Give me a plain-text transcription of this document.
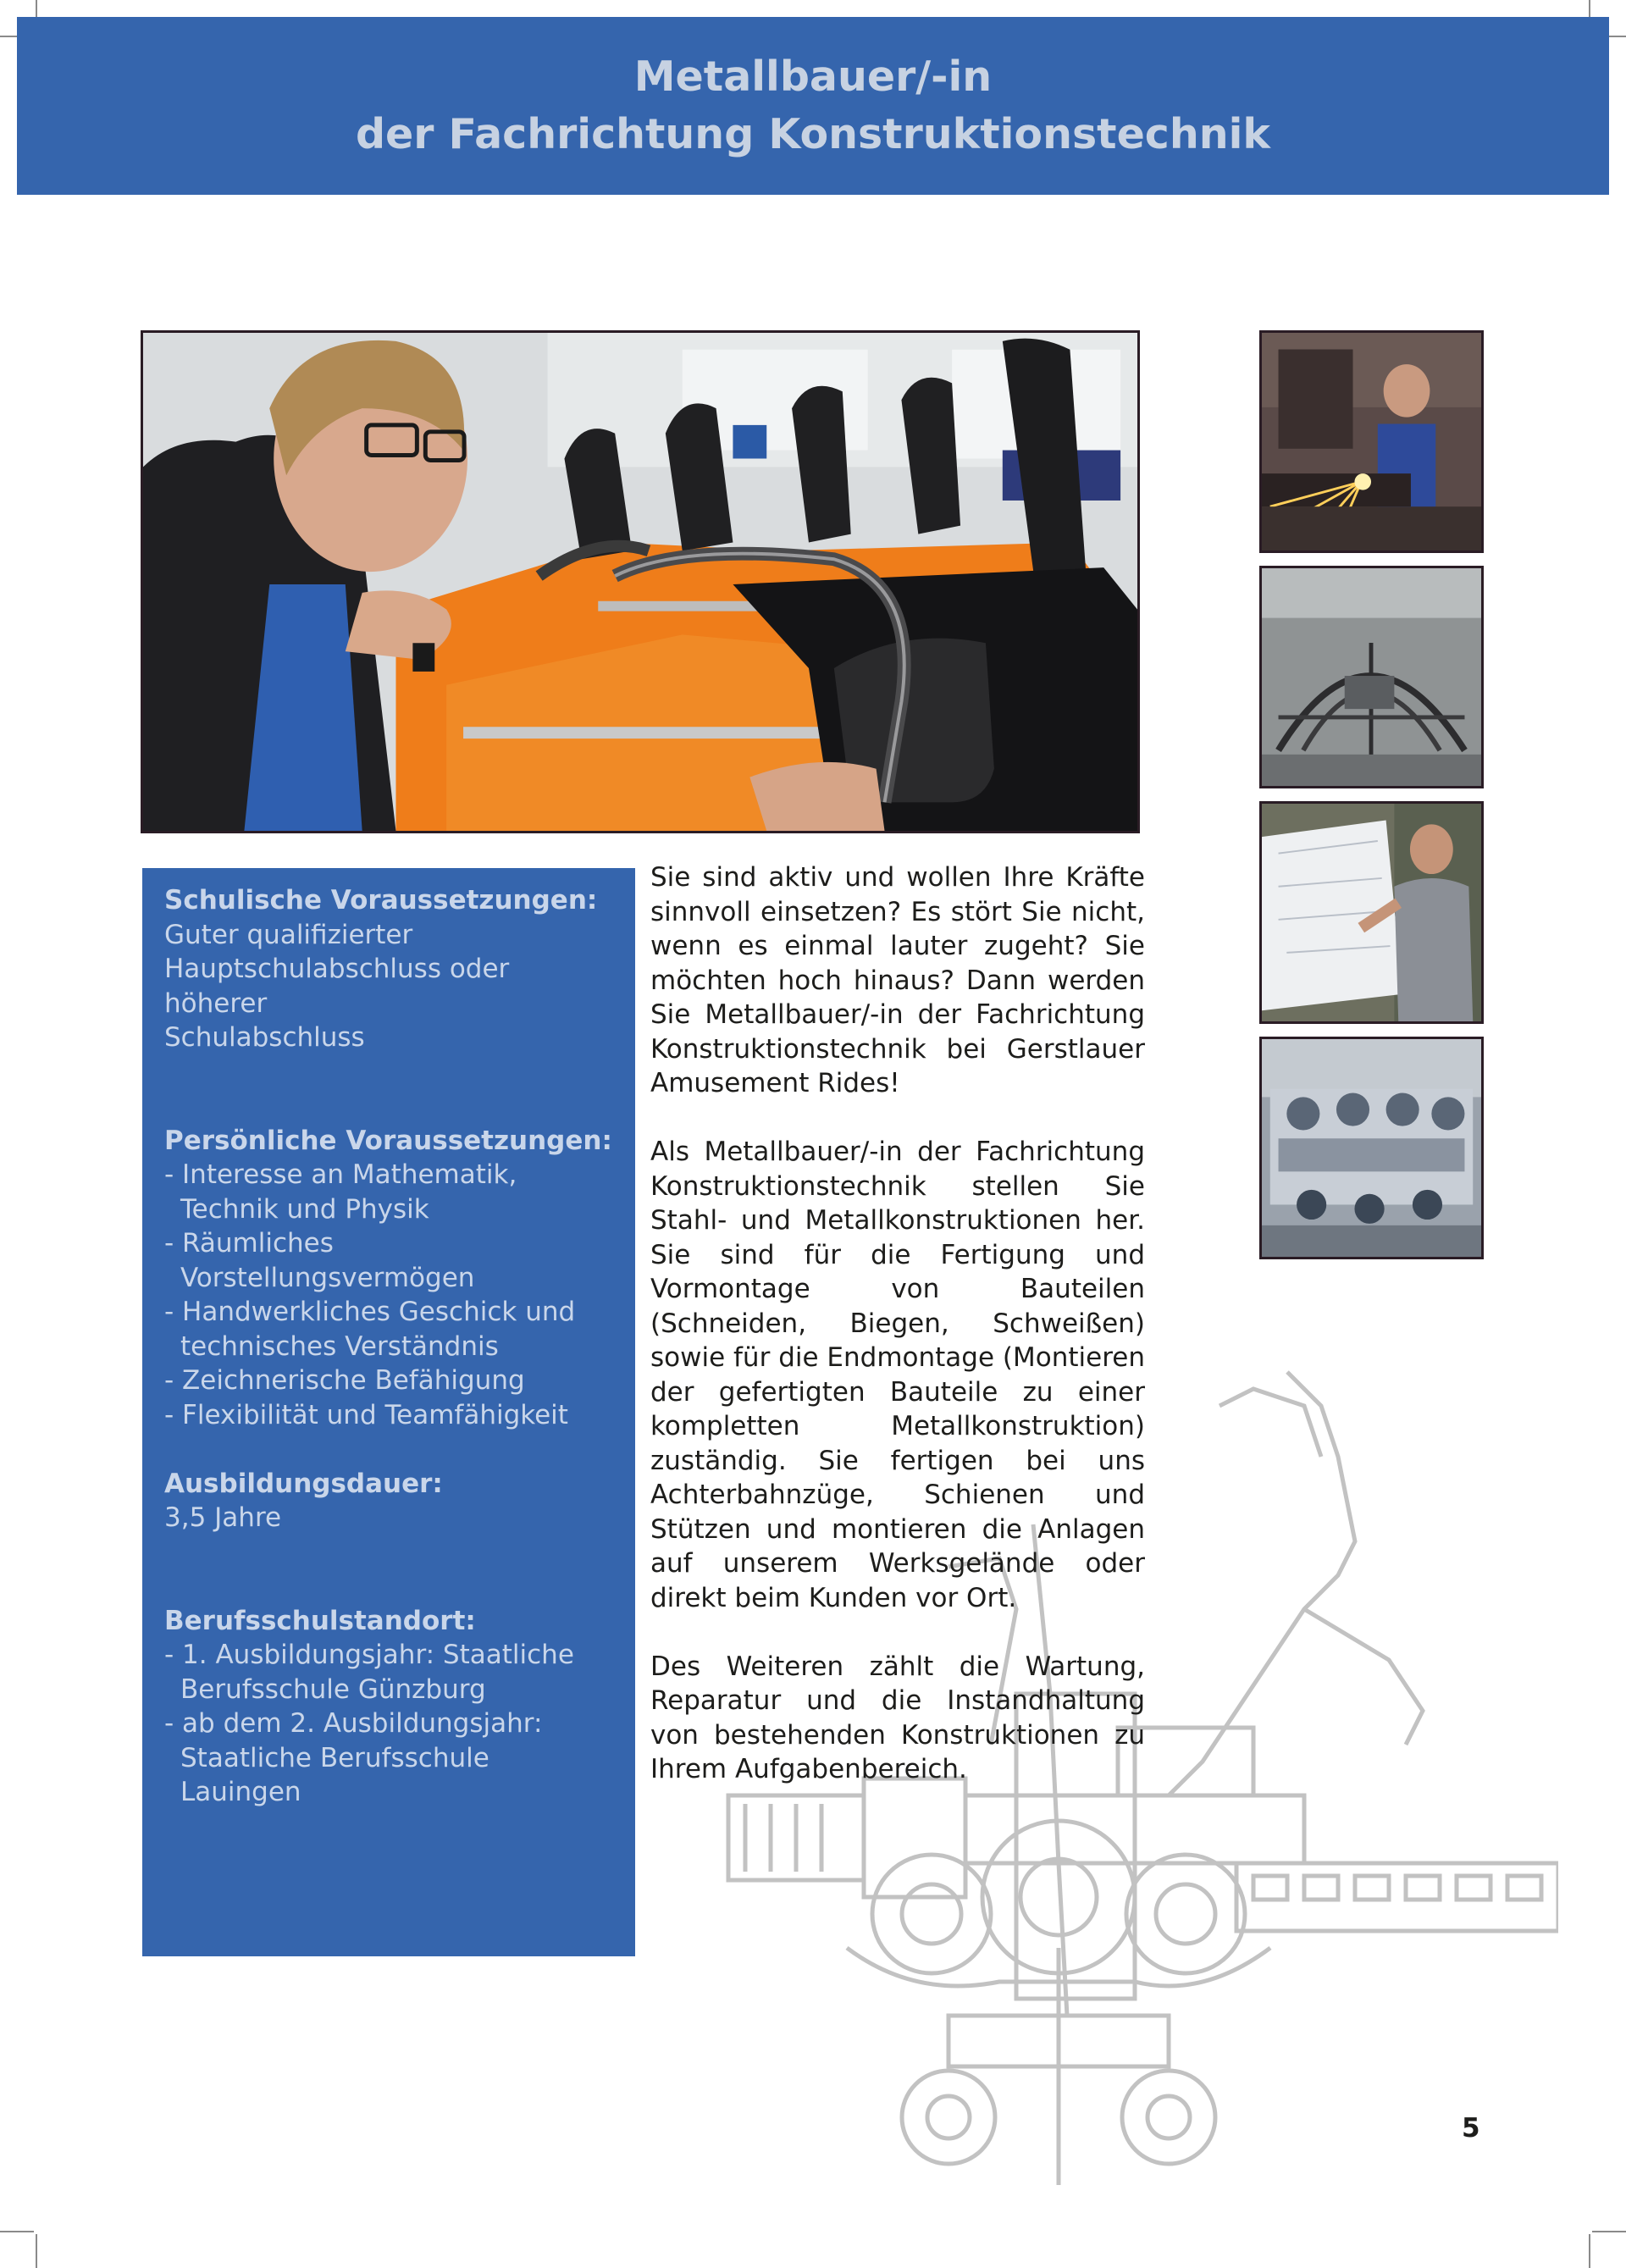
Metallbauer/-in
der Fachrichtung Konstruktionstechnik

Schulische Voraussetzungen:

Guter qualifizierter

Hauptschulabschluss oder höherer

Schulabschluss

Persönliche Voraussetzungen:

- Interesse an Mathematik, Technik und Physik

- Räumliches Vorstellungsvermögen

- Handwerkliches Geschick und technisches Verständnis

- Zeichnerische Befähigung

- Flexibilität und Teamfähigkeit

Ausbildungsdauer:

3,5 Jahre

Berufsschulstandort:

- 1. Ausbildungsjahr: Staatliche Berufsschule Günzburg

- ab dem 2. Ausbildungsjahr: Staatliche Berufsschule Lauingen

Sie sind aktiv und wollen Ihre Kräfte sinnvoll einsetzen? Es stört Sie nicht, wenn es einmal lauter zugeht? Sie möchten hoch hinaus? Dann werden Sie Metallbauer/-in der Fachrichtung Konstruktionstechnik bei Gerstlauer Amusement Rides!

Als Metallbauer/-in der Fachrichtung Konstruktionstechnik stellen Sie Stahl- und Metallkonstruktionen her. Sie sind für die Fertigung und Vormontage von Bauteilen (Schneiden, Biegen, Schweißen) sowie für die Endmontage (Montieren der gefertigten Bauteile zu einer kompletten Metallkonstruktion) zuständig. Sie fertigen bei uns Achterbahnzüge, Schienen und Stützen und montieren die Anlagen auf unserem Werksgelände oder direkt beim Kunden vor Ort.

Des Weiteren zählt die Wartung, Reparatur und die Instandhaltung von bestehenden Konstruktionen zu Ihrem Aufgabenbereich.

5
